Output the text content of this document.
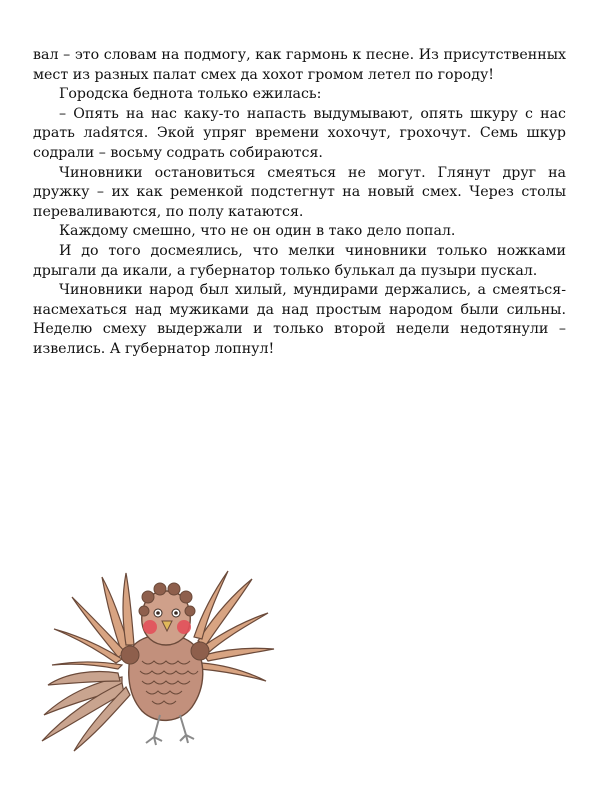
вал – это словам на подмогу, как гармонь к песне. Из присутственных мест из разных палат смех да хохот громом летел по городу!

Городска беднота только ежилась:

– Опять на нас каку-то напасть выдумывают, опять шкуру с нас драть лаdятся. Экой упряг времени хохочут, грохочут. Семь шкур содрали – восьму содрать собираются.

Чиновники остановиться смеяться не могут. Глянут друг на дружку – их как ременкой подстегнут на новый смех. Через столы переваливаются, по полу катаются.

Каждому смешно, что не он один в тако дело попал.

И до того досмеялись, что мелки чиновники только ножками дрыгали да икали, а губернатор только булькал да пузыри пускал.

Чиновники народ был хилый, мундирами держались, а смеяться-насмехаться над мужиками да над простым народом были сильны. Неделю смеху выдержали и только второй недели недотянули – извелись. А губернатор лопнул!
